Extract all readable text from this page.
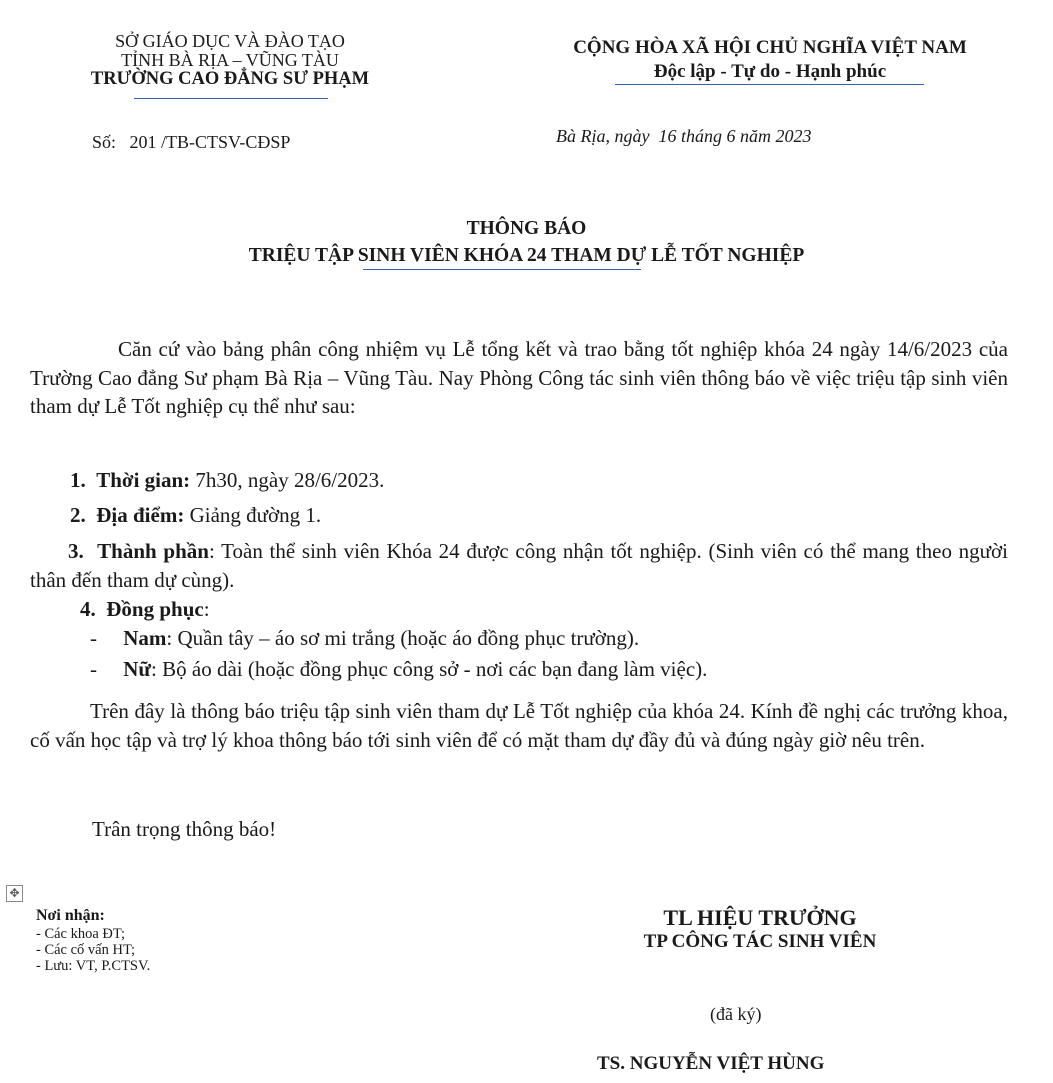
SỞ GIÁO DỤC VÀ ĐÀO TẠO
TỈNH BÀ RỊA – VŨNG TÀU
TRƯỜNG CAO ĐẲNG SƯ PHẠM
CỘNG HÒA XÃ HỘI CHỦ NGHĨA VIỆT NAM
Độc lập - Tự do - Hạnh phúc
Số:   201 /TB-CTSV-CĐSP	Bà Rịa, ngày  16 tháng 6 năm 2023
THÔNG BÁO
TRIỆU TẬP SINH VIÊN KHÓA 24 THAM DỰ LỄ TỐT NGHIỆP
Căn cứ vào bảng phân công nhiệm vụ Lễ tổng kết và trao bằng tốt nghiệp khóa 24 ngày 14/6/2023 của Trường Cao đẳng Sư phạm Bà Rịa – Vũng Tàu. Nay Phòng Công tác sinh viên thông báo về việc triệu tập sinh viên tham dự Lễ Tốt nghiệp cụ thể như sau:
1. Thời gian: 7h30, ngày 28/6/2023.
2. Địa điểm: Giảng đường 1.
3. Thành phần: Toàn thể sinh viên Khóa 24 được công nhận tốt nghiệp. (Sinh viên có thể mang theo người thân đến tham dự cùng).
4. Đồng phục:
- Nam: Quần tây – áo sơ mi trắng (hoặc áo đồng phục trường).
- Nữ: Bộ áo dài (hoặc đồng phục công sở - nơi các bạn đang làm việc).
Trên đây là thông báo triệu tập sinh viên tham dự Lễ Tốt nghiệp của khóa 24. Kính đề nghị các trưởng khoa, cố vấn học tập và trợ lý khoa thông báo tới sinh viên để có mặt tham dự đầy đủ và đúng ngày giờ nêu trên.
Trân trọng thông báo!
✥
Nơi nhận:
- Các khoa ĐT;
- Các cố vấn HT;
- Lưu: VT, P.CTSV.
TL HIỆU TRƯỞNG
TP CÔNG TÁC SINH VIÊN
(đã ký)
TS. NGUYỄN VIỆT HÙNG
